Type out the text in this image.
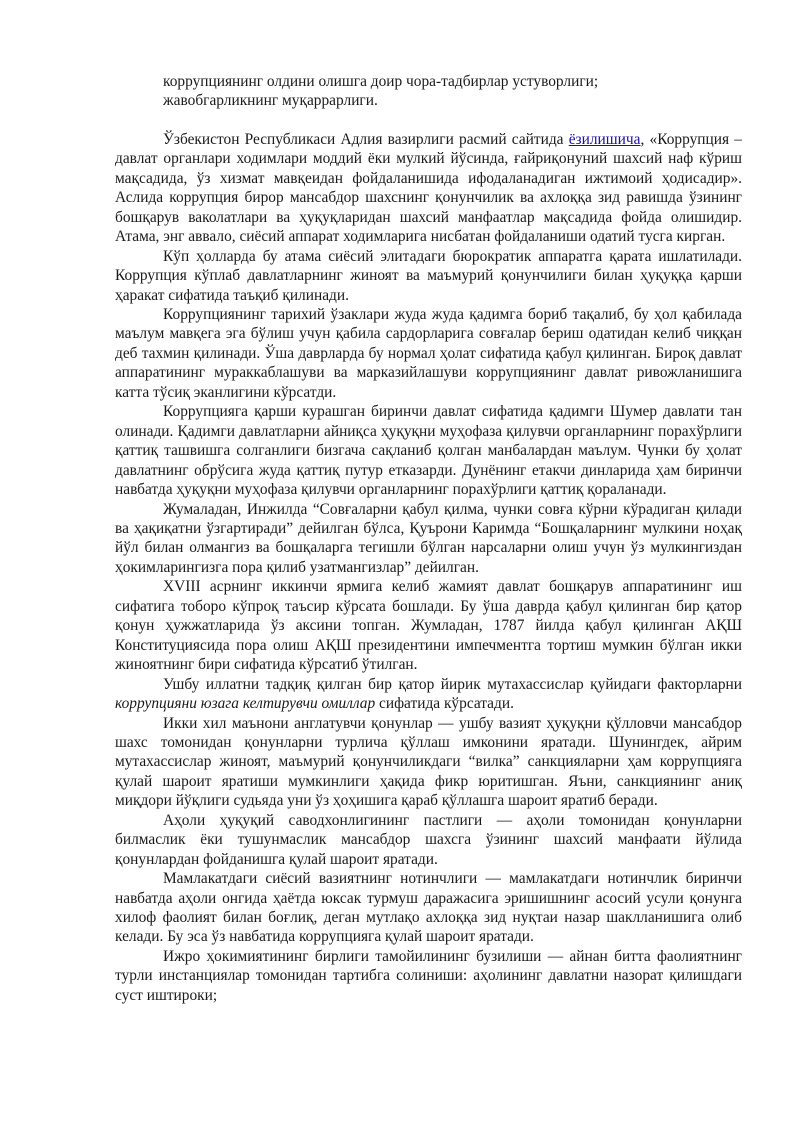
коррупциянинг олдини олишга доир чора-тадбирлар устуворлиги;

жавобгарликнинг муқаррарлиги.

Ўзбекистон Республикаси Адлия вазирлиги расмий сайтида ёзилишича, «Коррупция – давлат органлари ходимлари моддий ёки мулкий йўсинда, ғайриқонуний шахсий наф кўриш мақсадида, ўз хизмат мавқеидан фойдаланишида ифодаланадиган ижтимоий ҳодисадир». Аслида коррупция бирор мансабдор шахснинг қонунчилик ва ахлоққа зид равишда ўзининг бошқарув ваколатлари ва ҳуқуқларидан шахсий манфаатлар мақсадида фойда олишидир. Атама, энг аввало, сиёсий аппарат ходимларига нисбатан фойдаланиши одатий тусга кирган.

Кўп ҳолларда бу атама сиёсий элитадаги бюрократик аппаратга қарата ишлатилади. Коррупция кўплаб давлатларнинг жиноят ва маъмурий қонунчилиги билан ҳуқуққа қарши ҳаракат сифатида таъқиб қилинади.

Коррупциянинг тарихий ўзаклари жуда жуда қадимга бориб тақалиб, бу ҳол қабилада маълум мавқега эга бўлиш учун қабила сардорларига совғалар бериш одатидан келиб чиққан деб тахмин қилинади. Ўша даврларда бу нормал ҳолат сифатида қабул қилинган. Бироқ давлат аппаратининг мураккаблашуви ва марказийлашуви коррупциянинг давлат ривожланишига катта тўсиқ эканлигини кўрсатди.

Коррупцияга қарши курашган биринчи давлат сифатида қадимги Шумер давлати тан олинади. Қадимги давлатларни айниқса ҳуқуқни муҳофаза қилувчи органларнинг порахўрлиги қаттиқ ташвишга солганлиги бизгача сақланиб қолган манбалардан маълум. Чунки бу ҳолат давлатнинг обрўсига жуда қаттиқ путур етказарди. Дунёнинг етакчи динларида ҳам биринчи навбатда ҳуқуқни муҳофаза қилувчи органларнинг порахўрлиги қаттиқ қораланади.

Жумаладан, Инжилда “Совғаларни қабул қилма, чунки совға кўрни кўрадиган қилади ва ҳақиқатни ўзгартиради” дейилган бўлса, Қуърони Каримда “Бошқаларнинг мулкини ноҳақ йўл билан олмангиз ва бошқаларга тегишли бўлган нарсаларни олиш учун ўз мулкингиздан ҳокимларингизга пора қилиб узатмангизлар” дейилган.

XVIII асрнинг иккинчи ярмига келиб жамият давлат бошқарув аппаратининг иш сифатига тоборо кўпроқ таъсир кўрсата бошлади. Бу ўша даврда қабул қилинган бир қатор қонун ҳужжатларида ўз аксини топган. Жумладан, 1787 йилда қабул қилинган АҚШ Конституциясида пора олиш АҚШ президентини импечментга тортиш мумкин бўлган икки жиноятнинг бири сифатида кўрсатиб ўтилган.

Ушбу иллатни тадқиқ қилган бир қатор йирик мутахассислар қуйидаги факторларни коррупцияни юзага келтирувчи омиллар сифатида кўрсатади.

Икки хил маънони англатувчи қонунлар — ушбу вазият ҳуқуқни қўлловчи мансабдор шахс томонидан қонунларни турлича қўллаш имконини яратади. Шунингдек, айрим мутахассислар жиноят, маъмурий қонунчиликдаги “вилка” санкцияларни ҳам коррупцияга қулай шароит яратиши мумкинлиги ҳақида фикр юритишган. Яъни, санкциянинг аниқ миқдори йўқлиги судьяда уни ўз ҳоҳишига қараб қўллашга шароит яратиб беради.

Аҳоли ҳуқуқий саводхонлигининг пастлиги — аҳоли томонидан қонунларни билмаслик ёки тушунмаслик мансабдор шахсга ўзининг шахсий манфаати йўлида қонунлардан фойданишга қулай шароит яратади.

Мамлакатдаги сиёсий вазиятнинг нотинчлиги — мамлакатдаги нотинчлик биринчи навбатда аҳоли онгида ҳаётда юксак турмуш даражасига эришишнинг асосий усули қонунга хилоф фаолият билан боғлиқ, деган мутлақо ахлоққа зид нуқтаи назар шаклланишига олиб келади. Бу эса ўз навбатида коррупцияга қулай шароит яратади.

Ижро ҳокимиятининг бирлиги тамойилининг бузилиши — айнан битта фаолиятнинг турли инстанциялар томонидан тартибга солиниши: аҳолининг давлатни назорат қилишдаги суст иштироки;
